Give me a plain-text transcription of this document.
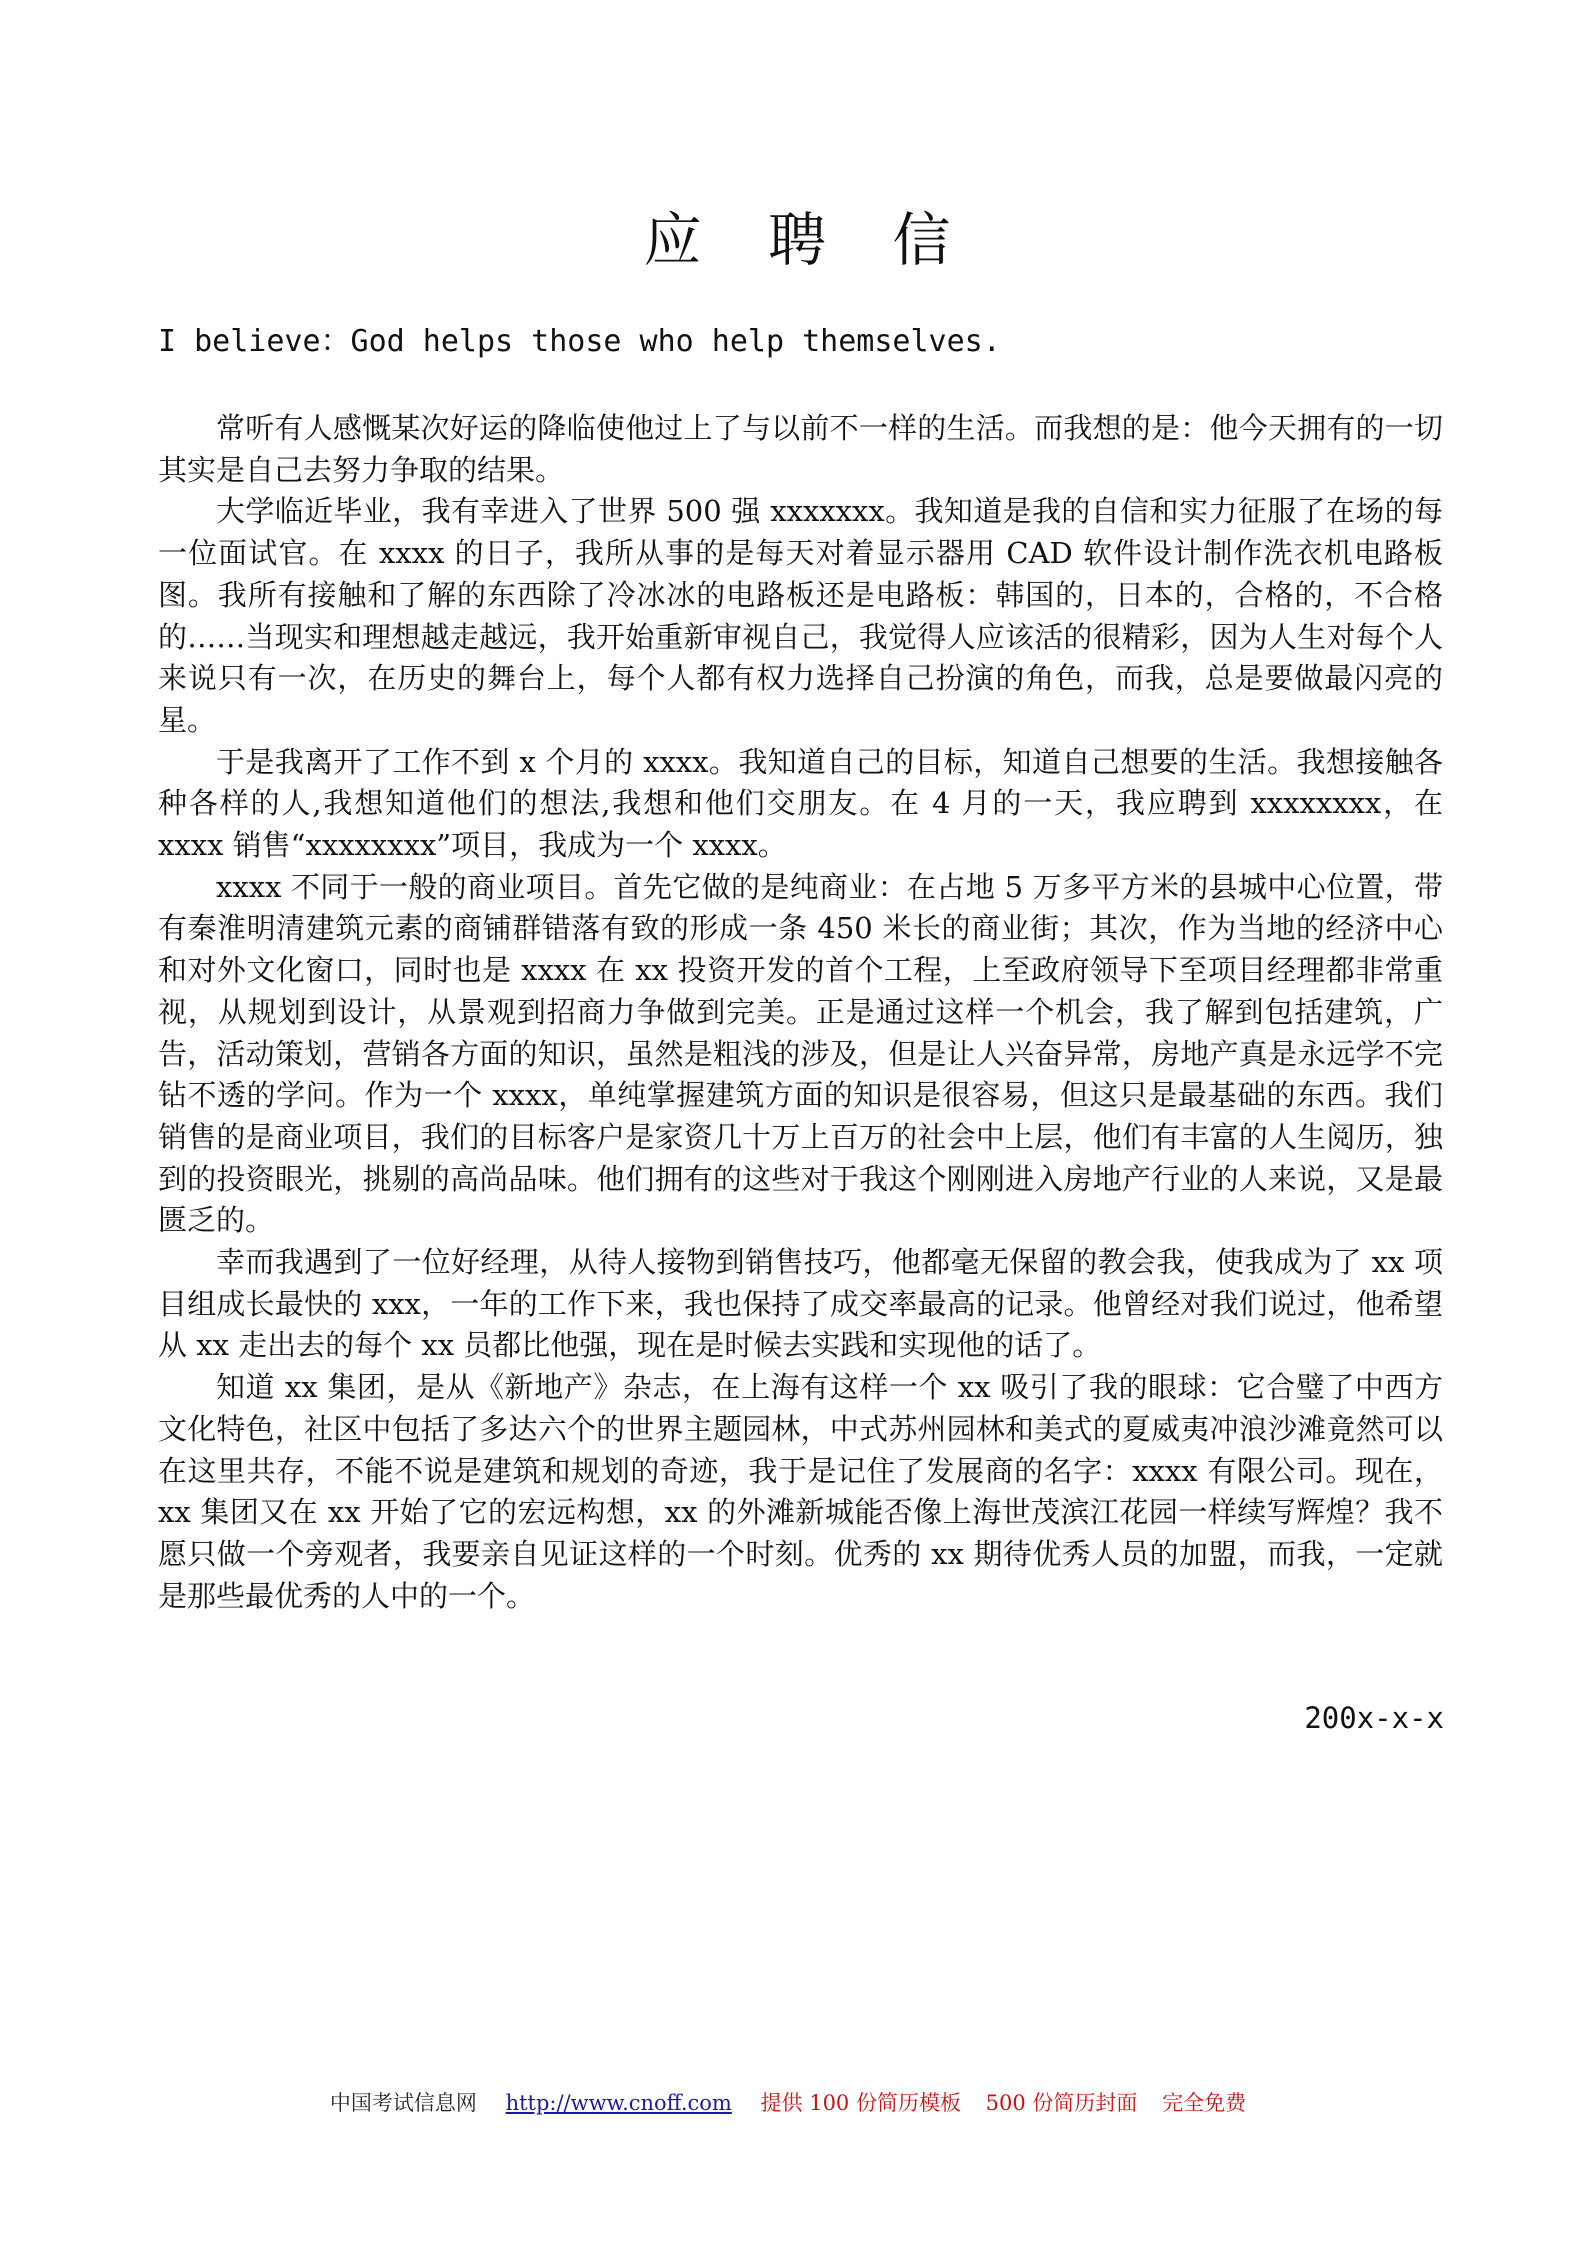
应 聘 信
I believe：God helps those who help themselves.

常听有人感慨某次好运的降临使他过上了与以前不一样的生活。而我想的是：他今天拥有的一切其实是自己去努力争取的结果。

大学临近毕业，我有幸进入了世界 500 强 xxxxxxx。我知道是我的自信和实力征服了在场的每一位面试官。在 xxxx 的日子，我所从事的是每天对着显示器用 CAD 软件设计制作洗衣机电路板图。我所有接触和了解的东西除了冷冰冰的电路板还是电路板：韩国的，日本的，合格的，不合格的……当现实和理想越走越远，我开始重新审视自己，我觉得人应该活的很精彩，因为人生对每个人来说只有一次，在历史的舞台上，每个人都有权力选择自己扮演的角色，而我，总是要做最闪亮的星。

于是我离开了工作不到 x 个月的 xxxx。我知道自己的目标，知道自己想要的生活。我想接触各种各样的人,我想知道他们的想法,我想和他们交朋友。在 4 月的一天，我应聘到 xxxxxxxx，在 xxxx 销售“xxxxxxxx”项目，我成为一个 xxxx。

xxxx 不同于一般的商业项目。首先它做的是纯商业：在占地 5 万多平方米的县城中心位置，带有秦淮明清建筑元素的商铺群错落有致的形成一条 450 米长的商业街；其次，作为当地的经济中心和对外文化窗口，同时也是 xxxx 在 xx 投资开发的首个工程，上至政府领导下至项目经理都非常重视，从规划到设计，从景观到招商力争做到完美。正是通过这样一个机会，我了解到包括建筑，广告，活动策划，营销各方面的知识，虽然是粗浅的涉及，但是让人兴奋异常，房地产真是永远学不完钻不透的学问。作为一个 xxxx，单纯掌握建筑方面的知识是很容易，但这只是最基础的东西。我们销售的是商业项目，我们的目标客户是家资几十万上百万的社会中上层，他们有丰富的人生阅历，独到的投资眼光，挑剔的高尚品味。他们拥有的这些对于我这个刚刚进入房地产行业的人来说，又是最匮乏的。

幸而我遇到了一位好经理，从待人接物到销售技巧，他都毫无保留的教会我，使我成为了 xx 项目组成长最快的 xxx，一年的工作下来，我也保持了成交率最高的记录。他曾经对我们说过，他希望从 xx 走出去的每个 xx 员都比他强，现在是时候去实践和实现他的话了。

知道 xx 集团，是从《新地产》杂志，在上海有这样一个 xx 吸引了我的眼球：它合璧了中西方文化特色，社区中包括了多达六个的世界主题园林，中式苏州园林和美式的夏威夷冲浪沙滩竟然可以在这里共存，不能不说是建筑和规划的奇迹，我于是记住了发展商的名字：xxxx 有限公司。现在，xx 集团又在 xx 开始了它的宏远构想，xx 的外滩新城能否像上海世茂滨江花园一样续写辉煌？我不愿只做一个旁观者，我要亲自见证这样的一个时刻。优秀的 xx 期待优秀人员的加盟，而我，一定就是那些最优秀的人中的一个。

200x-x-x
中国考试信息网 http://www.cnoff.com 提供 100 份简历模板 500 份简历封面 完全免费
